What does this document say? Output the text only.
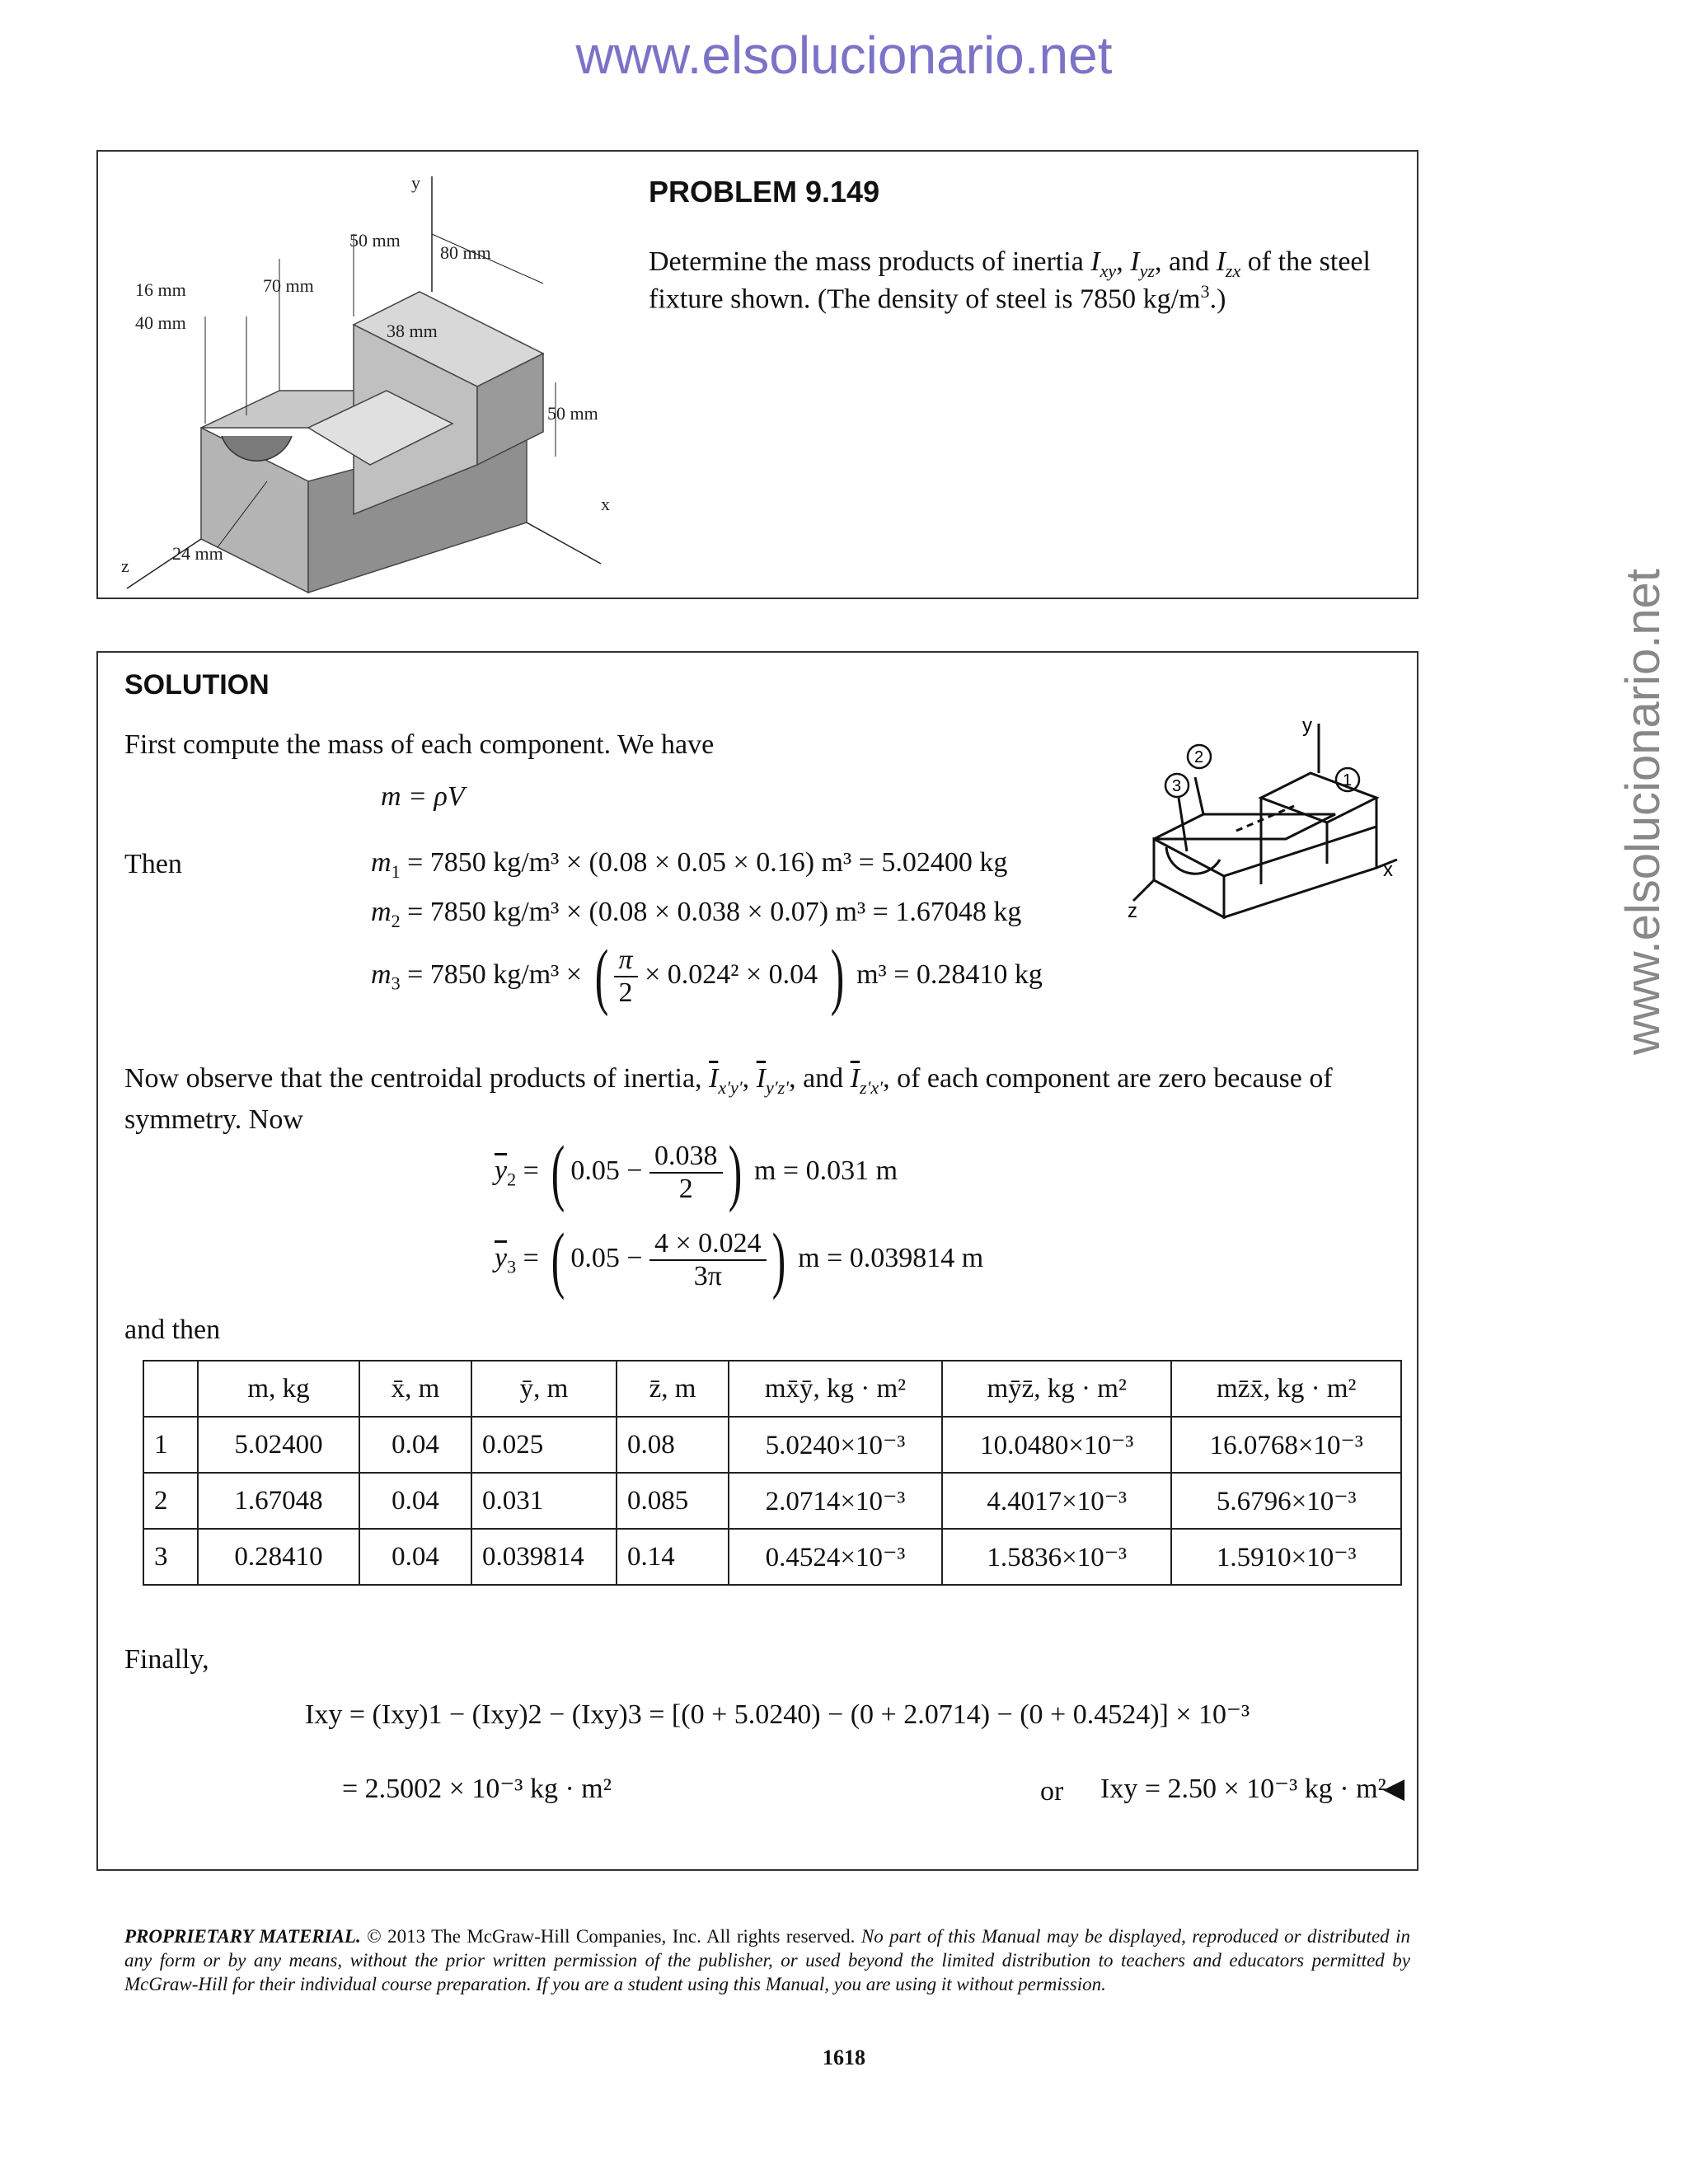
www.elsolucionario.net
www.elsolucionario.net
y
x
z
50 mm
80 mm
16 mm	70 mm
40 mm	38 mm
50 mm
24 mm
PROBLEM 9.149
Determine the mass products of inertia $I_{xy}$, $I_{yz}$, and $I_{zx}$ of the steel
fixture shown. (The density of steel is 7850 $kg/m^3$.)
SOLUTION
First compute the mass of each component. We have
m = ρV
Then	$m_1 = 7850$ kg/m³ × (0.08 × 0.05 × 0.16) m³ = 5.02400 kg
$m_2 = 7850$ kg/m³ × (0.08 × 0.038 × 0.07) m³ = 1.67048 kg
$m_3 = 7850$ kg/m³ × ( $\frac{\pi}{2} \times 0.024^2 \times 0.04$ ) m³ = 0.28410 kg
2
3	1
y
x
z
Now observe that the centroidal products of inertia, $\overline{I}_{x'y'}$, $\overline{I}_{y'z'}$, and $\overline{I}_{z'x'}$, of each component are zero because of
symmetry. Now
$\overline{y}_2$ = ( $0.05 - \frac{0.038}{2}$ ) m = 0.031 m
$\overline{y}_3$ = ( $0.05 - \frac{4 \times 0.024}{3\pi}$ ) m = 0.039814 m
and then
	m, kg	x̄, m	ȳ, m	z̄, m	mx̄ȳ, kg · m²	mȳz̄, kg · m²	mz̄x̄, kg · m²
1	5.02400	0.04	0.025	0.08	5.0240×10⁻³	10.0480×10⁻³	16.0768×10⁻³
2	1.67048	0.04	0.031	0.085	2.0714×10⁻³	4.4017×10⁻³	5.6796×10⁻³
3	0.28410	0.04	0.039814	0.14	0.4524×10⁻³	1.5836×10⁻³	1.5910×10⁻³
Finally,
Ixy = (Ixy)1 − (Ixy)2 − (Ixy)3 = [(0 + 5.0240) − (0 + 2.0714) − (0 + 0.4524)] × 10⁻³
= 2.5002 × 10⁻³ kg · m²	or Ixy = 2.50 × 10⁻³ kg · m²
◀
PROPRIETARY MATERIAL. © 2013 The McGraw-Hill Companies, Inc. All rights reserved. No part of this Manual may be displayed, reproduced or distributed in any form or by any means, without the prior written permission of the publisher, or used beyond the limited distribution to teachers and educators permitted by McGraw-Hill for their individual course preparation. If you are a student using this Manual, you are using it without permission.
1618
